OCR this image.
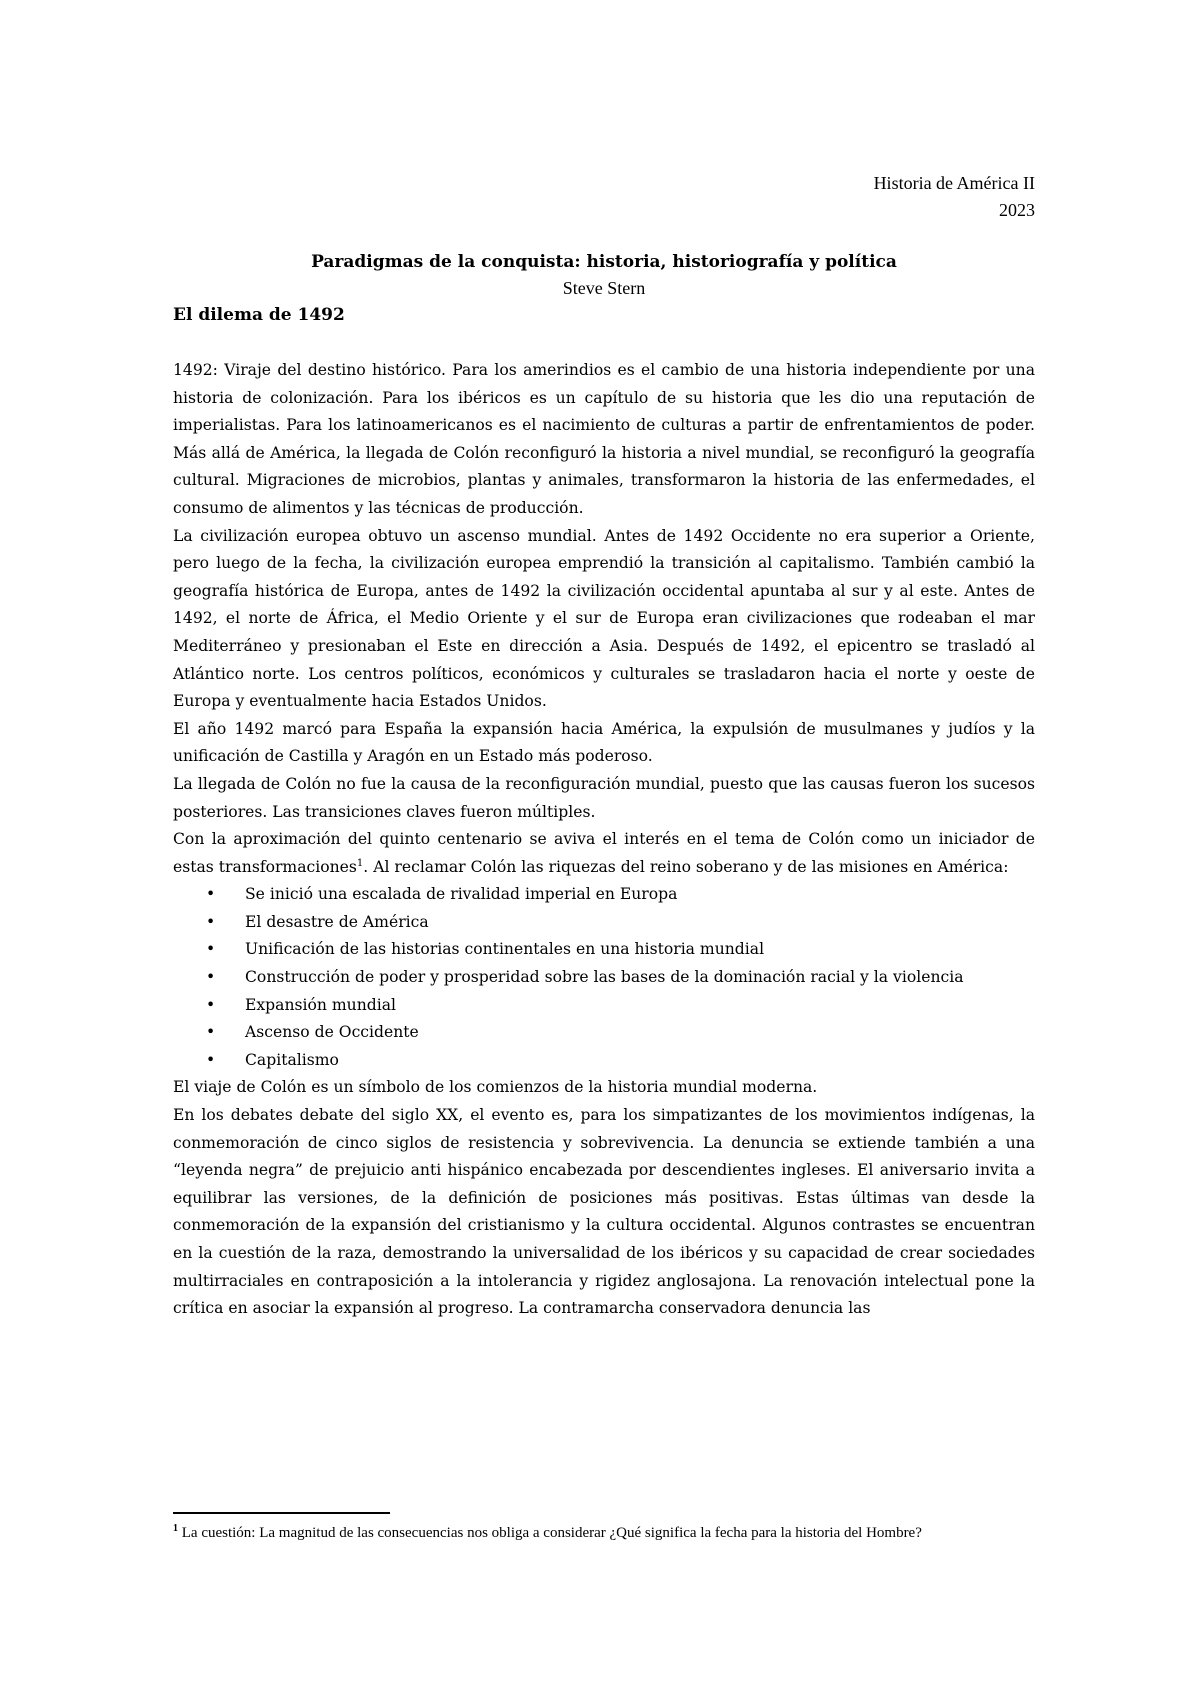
Historia de América II
2023
Paradigmas de la conquista: historia, historiografía y política
Steve Stern
El dilema de 1492

1492: Viraje del destino histórico. Para los amerindios es el cambio de una historia independiente por una historia de colonización. Para los ibéricos es un capítulo de su historia que les dio una reputación de imperialistas. Para los latinoamericanos es el nacimiento de culturas a partir de enfrentamientos de poder. Más allá de América, la llegada de Colón reconfiguró la historia a nivel mundial, se reconfiguró la geografía cultural. Migraciones de microbios, plantas y animales, transformaron la historia de las enfermedades, el consumo de alimentos y las técnicas de producción.

La civilización europea obtuvo un ascenso mundial. Antes de 1492 Occidente no era superior a Oriente, pero luego de la fecha, la civilización europea emprendió la transición al capitalismo. También cambió la geografía histórica de Europa, antes de 1492 la civilización occidental apuntaba al sur y al este. Antes de 1492, el norte de África, el Medio Oriente y el sur de Europa eran civilizaciones que rodeaban el mar Mediterráneo y presionaban el Este en dirección a Asia. Después de 1492, el epicentro se trasladó al Atlántico norte. Los centros políticos, económicos y culturales se trasladaron hacia el norte y oeste de Europa y eventualmente hacia Estados Unidos.

El año 1492 marcó para España la expansión hacia América, la expulsión de musulmanes y judíos y la unificación de Castilla y Aragón en un Estado más poderoso.

La llegada de Colón no fue la causa de la reconfiguración mundial, puesto que las causas fueron los sucesos posteriores. Las transiciones claves fueron múltiples.

Con la aproximación del quinto centenario se aviva el interés en el tema de Colón como un iniciador de estas transformaciones$^1$. Al reclamar Colón las riquezas del reino soberano y de las misiones en América:

• Se inició una escalada de rivalidad imperial en Europa
• El desastre de América
• Unificación de las historias continentales en una historia mundial
• Construcción de poder y prosperidad sobre las bases de la dominación racial y la violencia
• Expansión mundial
• Ascenso de Occidente
• Capitalismo

El viaje de Colón es un símbolo de los comienzos de la historia mundial moderna.

En los debates debate del siglo XX, el evento es, para los simpatizantes de los movimientos indígenas, la conmemoración de cinco siglos de resistencia y sobrevivencia. La denuncia se extiende también a una “leyenda negra” de prejuicio anti hispánico encabezada por descendientes ingleses. El aniversario invita a equilibrar las versiones, de la definición de posiciones más positivas. Estas últimas van desde la conmemoración de la expansión del cristianismo y la cultura occidental. Algunos contrastes se encuentran en la cuestión de la raza, demostrando la universalidad de los ibéricos y su capacidad de crear sociedades multirraciales en contraposición a la intolerancia y rigidez anglosajona. La renovación intelectual pone la crítica en asociar la expansión al progreso. La contramarcha conservadora denuncia las

$^1$ La cuestión: La magnitud de las consecuencias nos obliga a considerar ¿Qué significa la fecha para la historia del Hombre?
